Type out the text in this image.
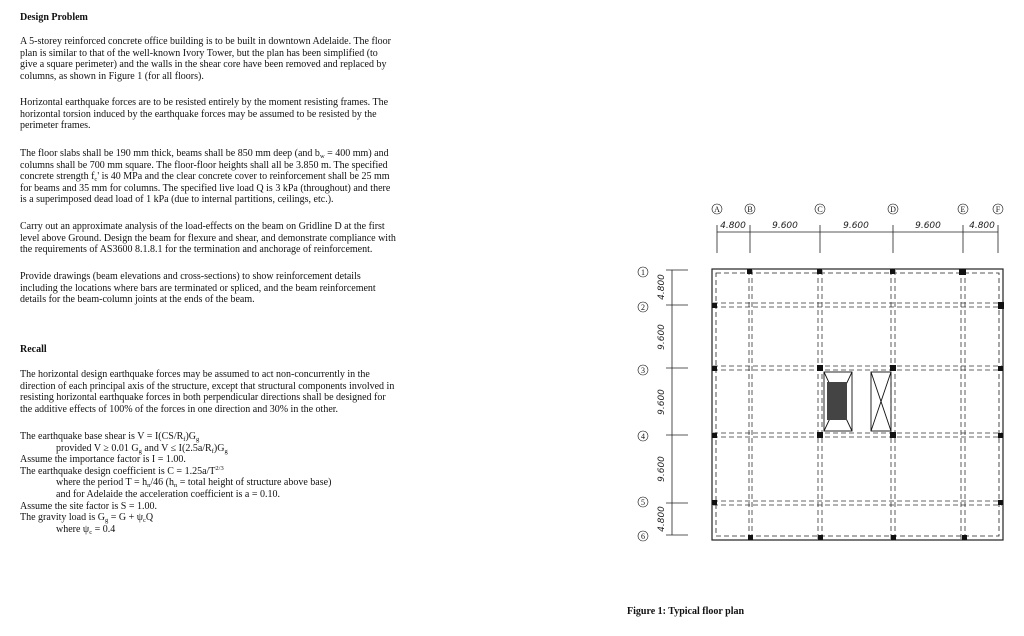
Design Problem
A 5-storey reinforced concrete office building is to be built in downtown Adelaide. The floor
plan is similar to that of the well-known Ivory Tower, but the plan has been simplified (to
give a square perimeter) and the walls in the shear core have been removed and replaced by
columns, as shown in Figure 1 (for all floors).
Horizontal earthquake forces are to be resisted entirely by the moment resisting frames. The
horizontal torsion induced by the earthquake forces may be assumed to be resisted by the
perimeter frames.
The floor slabs shall be 190 mm thick, beams shall be 850 mm deep (and $b_w = 400$ mm) and
columns shall be 700 mm square. The floor-floor heights shall all be 3.850 m. The specified
concrete strength $f_c'$ is 40 MPa and the clear concrete cover to reinforcement shall be 25 mm
for beams and 35 mm for columns. The specified live load Q is 3 kPa (throughout) and there
is a superimposed dead load of 1 kPa (due to internal partitions, ceilings, etc.).
Carry out an approximate analysis of the load-effects on the beam on Gridline D at the first
level above Ground. Design the beam for flexure and shear, and demonstrate compliance with
the requirements of AS3600 8.1.8.1 for the termination and anchorage of reinforcement.
Provide drawings (beam elevations and cross-sections) to show reinforcement details
including the locations where bars are terminated or spliced, and the beam reinforcement
details for the beam-column joints at the ends of the beam.
Recall
The horizontal design earthquake forces may be assumed to act non-concurrently in the
direction of each principal axis of the structure, except that structural components involved in
resisting horizontal earthquake forces in both perpendicular directions shall be designed for
the additive effects of 100% of the forces in one direction and 30% in the other.
The earthquake base shear is $V = I(CS/R_f)G_g$
provided V ≥ 0.01 $G_g$ and $V \le I(2.5a/R_f)G_g$
Assume the importance factor is I = 1.00.
The earthquake design coefficient is $C = 1.25a/T^{2/3}$
where the period $T = h_n/46$ ($h_n$ = total height of structure above base)
and for Adelaide the acceleration coefficient is a = 0.10.
Assume the site factor is S = 1.00.
The gravity load is $G_g = G + \psi_cQ$
where $\psi_c = 0.4$
A	B	C	D	E	F
1
2
3
4
5
6
4.800	9.600	9.600	9.600	4.800
4.800
9.600
9.600
9.600
4.800
Figure 1: Typical floor plan
